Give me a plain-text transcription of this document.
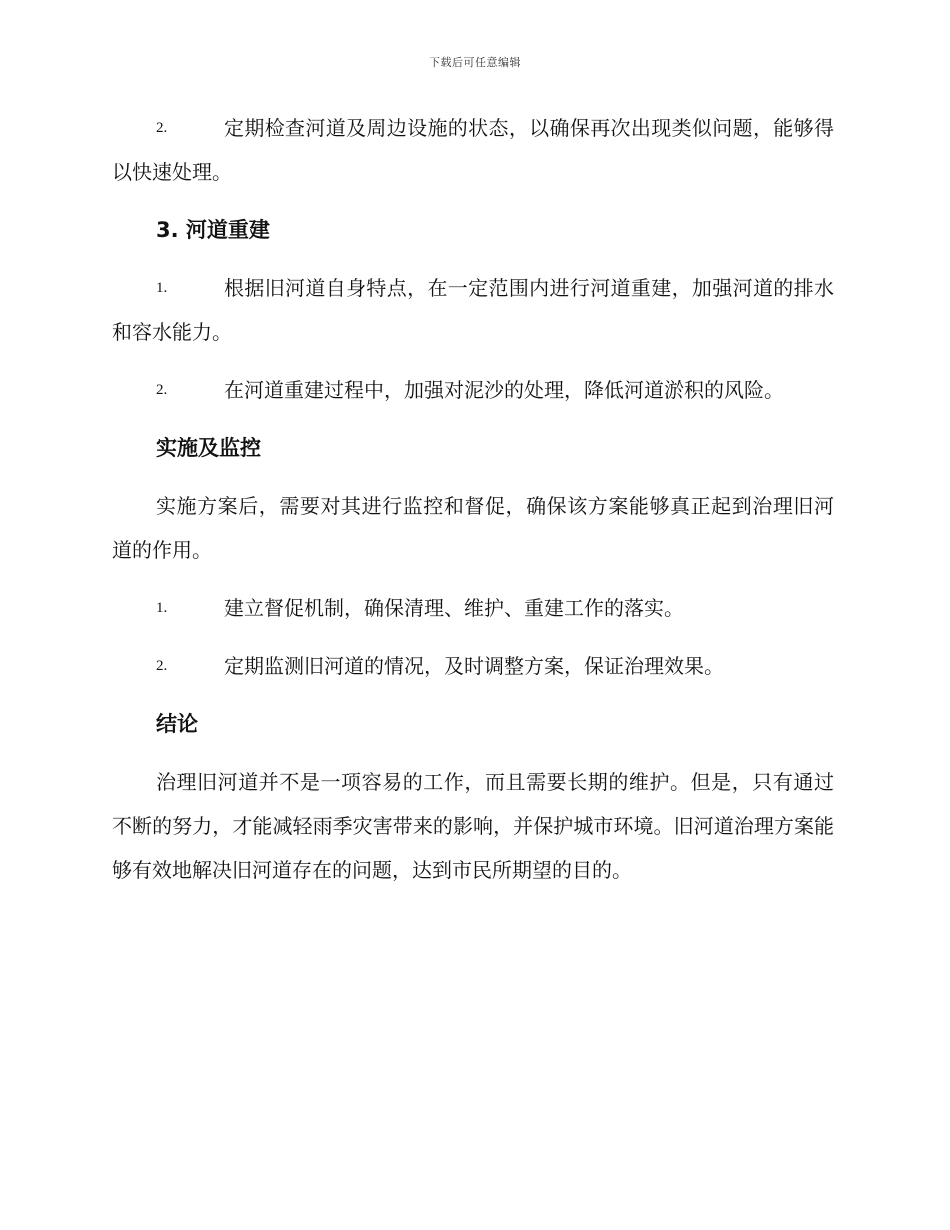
下载后可任意编辑
2.	定期检查河道及周边设施的状态，以确保再次出现类似问题，能够得以快速处理。
3. 河道重建
1.	根据旧河道自身特点，在一定范围内进行河道重建，加强河道的排水和容水能力。
2.	在河道重建过程中，加强对泥沙的处理，降低河道淤积的风险。
实施及监控
实施方案后，需要对其进行监控和督促，确保该方案能够真正起到治理旧河道的作用。
1.	建立督促机制，确保清理、维护、重建工作的落实。
2.	定期监测旧河道的情况，及时调整方案，保证治理效果。
结论
治理旧河道并不是一项容易的工作，而且需要长期的维护。但是，只有通过不断的努力，才能减轻雨季灾害带来的影响，并保护城市环境。旧河道治理方案能够有效地解决旧河道存在的问题，达到市民所期望的目的。
